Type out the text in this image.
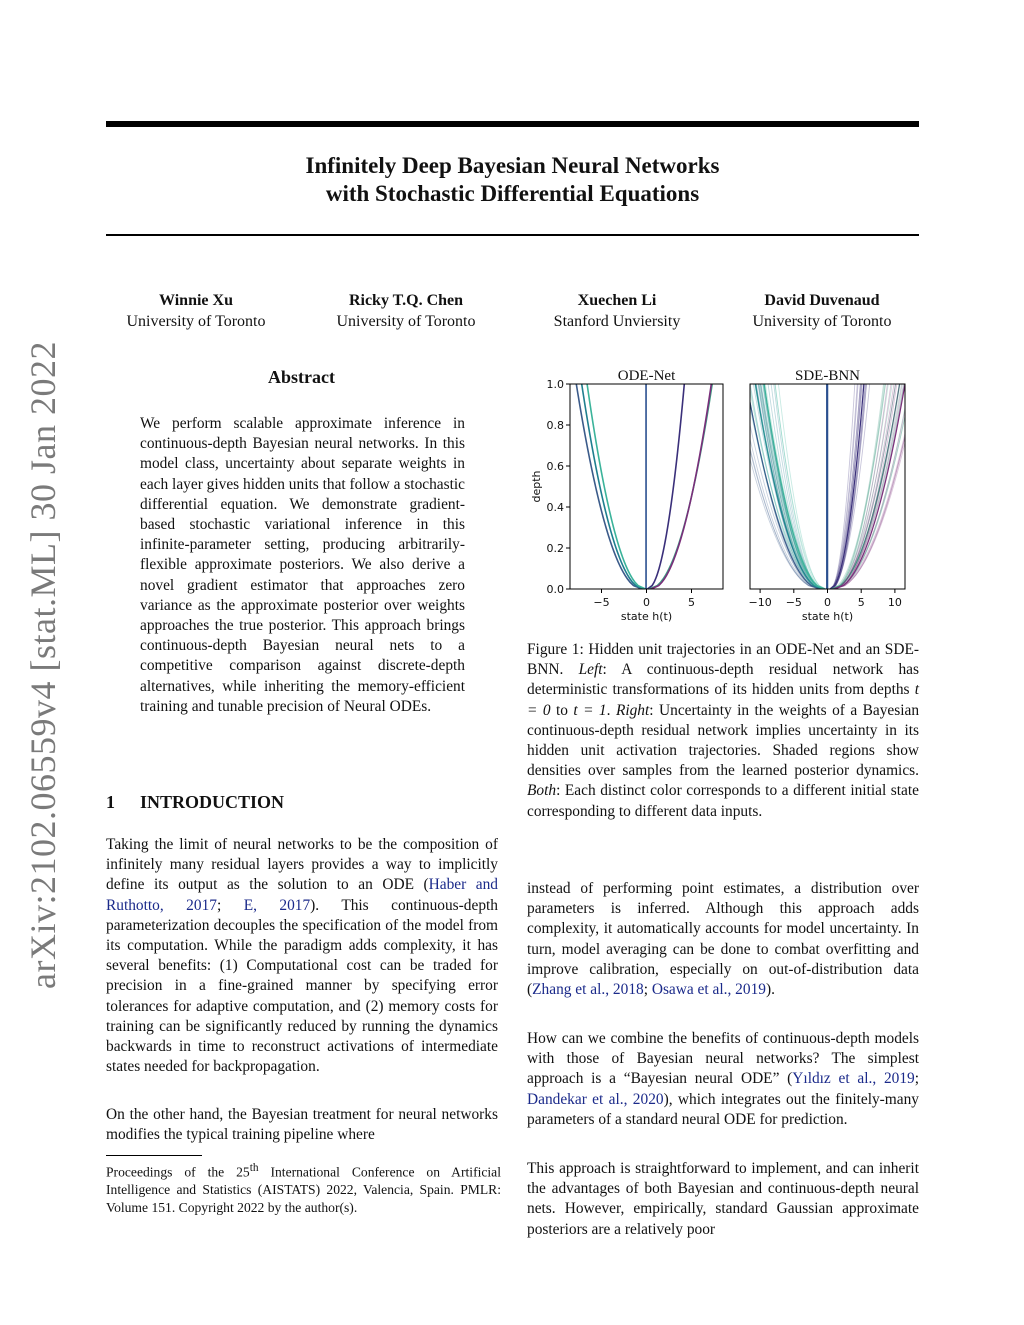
arXiv:2102.06559v4 [stat.ML] 30 Jan 2022
Infinitely Deep Bayesian Neural Networks
with Stochastic Differential Equations
Winnie Xu
University of Toronto
Ricky T.Q. Chen
University of Toronto
Xuechen Li
Stanford Unviersity
David Duvenaud
University of Toronto
Abstract
We perform scalable approximate inference in continuous-depth Bayesian neural networks. In this model class, uncertainty about separate weights in each layer gives hidden units that follow a stochastic differential equation. We demonstrate gradient-based stochastic variational inference in this infinite-parameter setting, producing arbitrarily-flexible approximate posteriors. We also derive a novel gradient estimator that approaches zero variance as the approximate posterior over weights approaches the true posterior. This approach brings continuous-depth Bayesian neural nets to a competitive comparison against discrete-depth alternatives, while inheriting the memory-efficient training and tunable precision of Neural ODEs.
1 INTRODUCTION
Taking the limit of neural networks to be the composition of infinitely many residual layers provides a way to implicitly define its output as the solution to an ODE (Haber and Ruthotto, 2017; E, 2017). This continuous-depth parameterization decouples the specification of the model from its computation. While the paradigm adds complexity, it has several benefits: (1) Computational cost can be traded for precision in a fine-grained manner by specifying error tolerances for adaptive computation, and (2) memory costs for training can be significantly reduced by running the dynamics backwards in time to reconstruct activations of intermediate states needed for backpropagation.
On the other hand, the Bayesian treatment for neural networks modifies the typical training pipeline where
Proceedings of the 25th International Conference on Artificial Intelligence and Statistics (AISTATS) 2022, Valencia, Spain. PMLR: Volume 151. Copyright 2022 by the author(s).
ODE-Net
−5	0	5
state h(t)
0.0
0.2
0.4
0.6
0.8
1.0
depth
SDE-BNN
−10 −5 0 5 10
state h(t)
Figure 1: Hidden unit trajectories in an ODE-Net and an SDE-BNN. Left: A continuous-depth residual network has deterministic transformations of its hidden units from depths t = 0 to t = 1. Right: Uncertainty in the weights of a Bayesian continuous-depth residual network implies uncertainty in its hidden unit activation trajectories. Shaded regions show densities over samples from the learned posterior dynamics. Both: Each distinct color corresponds to a different initial state corresponding to different data inputs.
instead of performing point estimates, a distribution over parameters is inferred. Although this approach adds complexity, it automatically accounts for model uncertainty. In turn, model averaging can be done to combat overfitting and improve calibration, especially on out-of-distribution data (Zhang et al., 2018; Osawa et al., 2019).
How can we combine the benefits of continuous-depth models with those of Bayesian neural networks? The simplest approach is a “Bayesian neural ODE” (Yıldız et al., 2019; Dandekar et al., 2020), which integrates out the finitely-many parameters of a standard neural ODE for prediction.
This approach is straightforward to implement, and can inherit the advantages of both Bayesian and continuous-depth neural nets. However, empirically, standard Gaussian approximate posteriors are a relatively poor
